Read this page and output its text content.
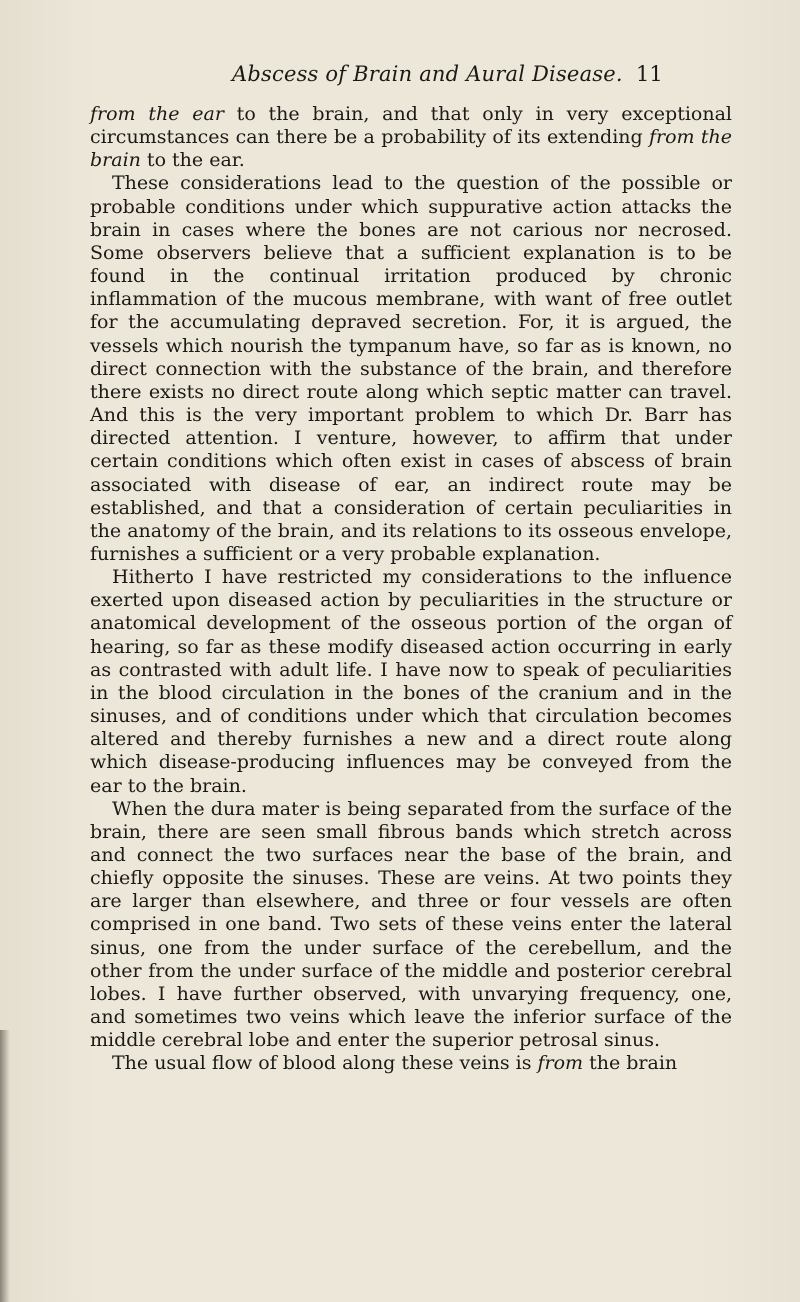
Abscess of Brain and Aural Disease. 11

from the ear to the brain, and that only in very exceptional circumstances can there be a probability of its extending from the brain to the ear.

These considerations lead to the question of the possible or probable conditions under which suppurative action attacks the brain in cases where the bones are not carious nor necrosed. Some observers believe that a sufficient explanation is to be found in the continual irritation produced by chronic inflammation of the mucous membrane, with want of free outlet for the accumulating depraved secretion. For, it is argued, the vessels which nourish the tympanum have, so far as is known, no direct connection with the substance of the brain, and therefore there exists no direct route along which septic matter can travel. And this is the very important problem to which Dr. Barr has directed attention. I venture, however, to affirm that under certain conditions which often exist in cases of abscess of brain associated with disease of ear, an indirect route may be established, and that a consideration of certain peculiarities in the anatomy of the brain, and its relations to its osseous envelope, furnishes a sufficient or a very probable explanation.

Hitherto I have restricted my considerations to the influence exerted upon diseased action by peculiarities in the structure or anatomical development of the osseous portion of the organ of hearing, so far as these modify diseased action occurring in early as contrasted with adult life. I have now to speak of peculiarities in the blood circulation in the bones of the cranium and in the sinuses, and of conditions under which that circulation becomes altered and thereby furnishes a new and a direct route along which disease-producing influences may be conveyed from the ear to the brain.

When the dura mater is being separated from the surface of the brain, there are seen small fibrous bands which stretch across and connect the two surfaces near the base of the brain, and chiefly opposite the sinuses. These are veins. At two points they are larger than elsewhere, and three or four vessels are often comprised in one band. Two sets of these veins enter the lateral sinus, one from the under surface of the cerebellum, and the other from the under surface of the middle and posterior cerebral lobes. I have further observed, with unvarying frequency, one, and sometimes two veins which leave the inferior surface of the middle cerebral lobe and enter the superior petrosal sinus.

The usual flow of blood along these veins is from the brain
